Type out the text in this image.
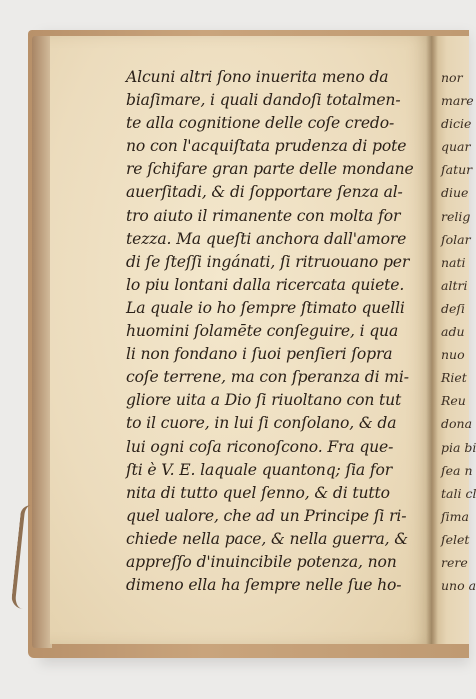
Alcuni altri ſono inuerita meno da
biaſimare, i quali dandoſi totalmen-
te alla cognitione delle coſe credo-
no con l'acquiſtata prudenza di pote
re ſchifare gran parte delle mondane
auerſitadi, & di ſopportare ſenza al-
tro aiuto il rimanente con molta for
tezza. Ma queſti anchora dall'amore
di ſe ſteſſi ingánati, ſi ritruouano per
lo piu lontani dalla ricercata quiete.
La quale io ho ſempre ſtimato quelli
huomini ſolamēte conſeguire, i qua
li non fondano i ſuoi penſieri ſopra
coſe terrene, ma con ſperanza di mi-
gliore uita a Dio ſi riuoltano con tut
to il cuore, in lui ſi conſolano, & da
lui ogni coſa riconoſcono. Fra que-
ſti è V. E. laquale quantonq; ſia for
nita di tutto quel ſenno, & di tutto
quel ualore, che ad un Principe ſi ri-
chiede nella pace, & nella guerra, &
appreſſo d'inuincibile potenza, non
dimeno ella ha ſempre nelle ſue ho-
nor
mare
dicie
quar
ſatur
diue
relig
ſolar
nati
altri
deſi
adu
nuo
Riet
Reu
dona
pia bi
ſea n
tali cl
ſima
ſelet
rere
uno a
